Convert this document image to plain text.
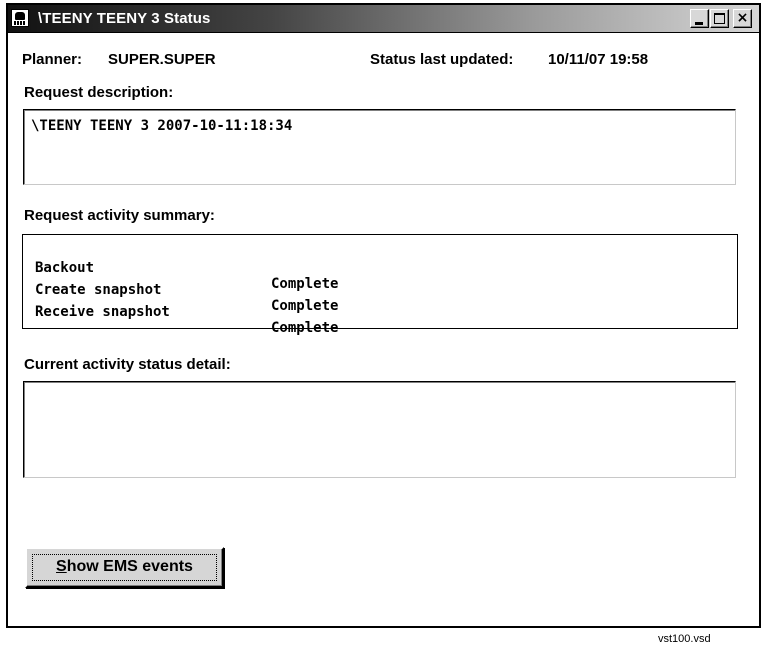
\TEENY TEENY 3 Status	×
Planner: SUPER.SUPER	Status last updated: 10/11/07 19:58
Request description:
\TEENY TEENY 3 2007-10-11:18:34
Request activity summary:

Backout

Complete

Create snapshot

Complete

Receive snapshot

Complete

Current activity status detail:
Show EMS events
vst100.vsd
